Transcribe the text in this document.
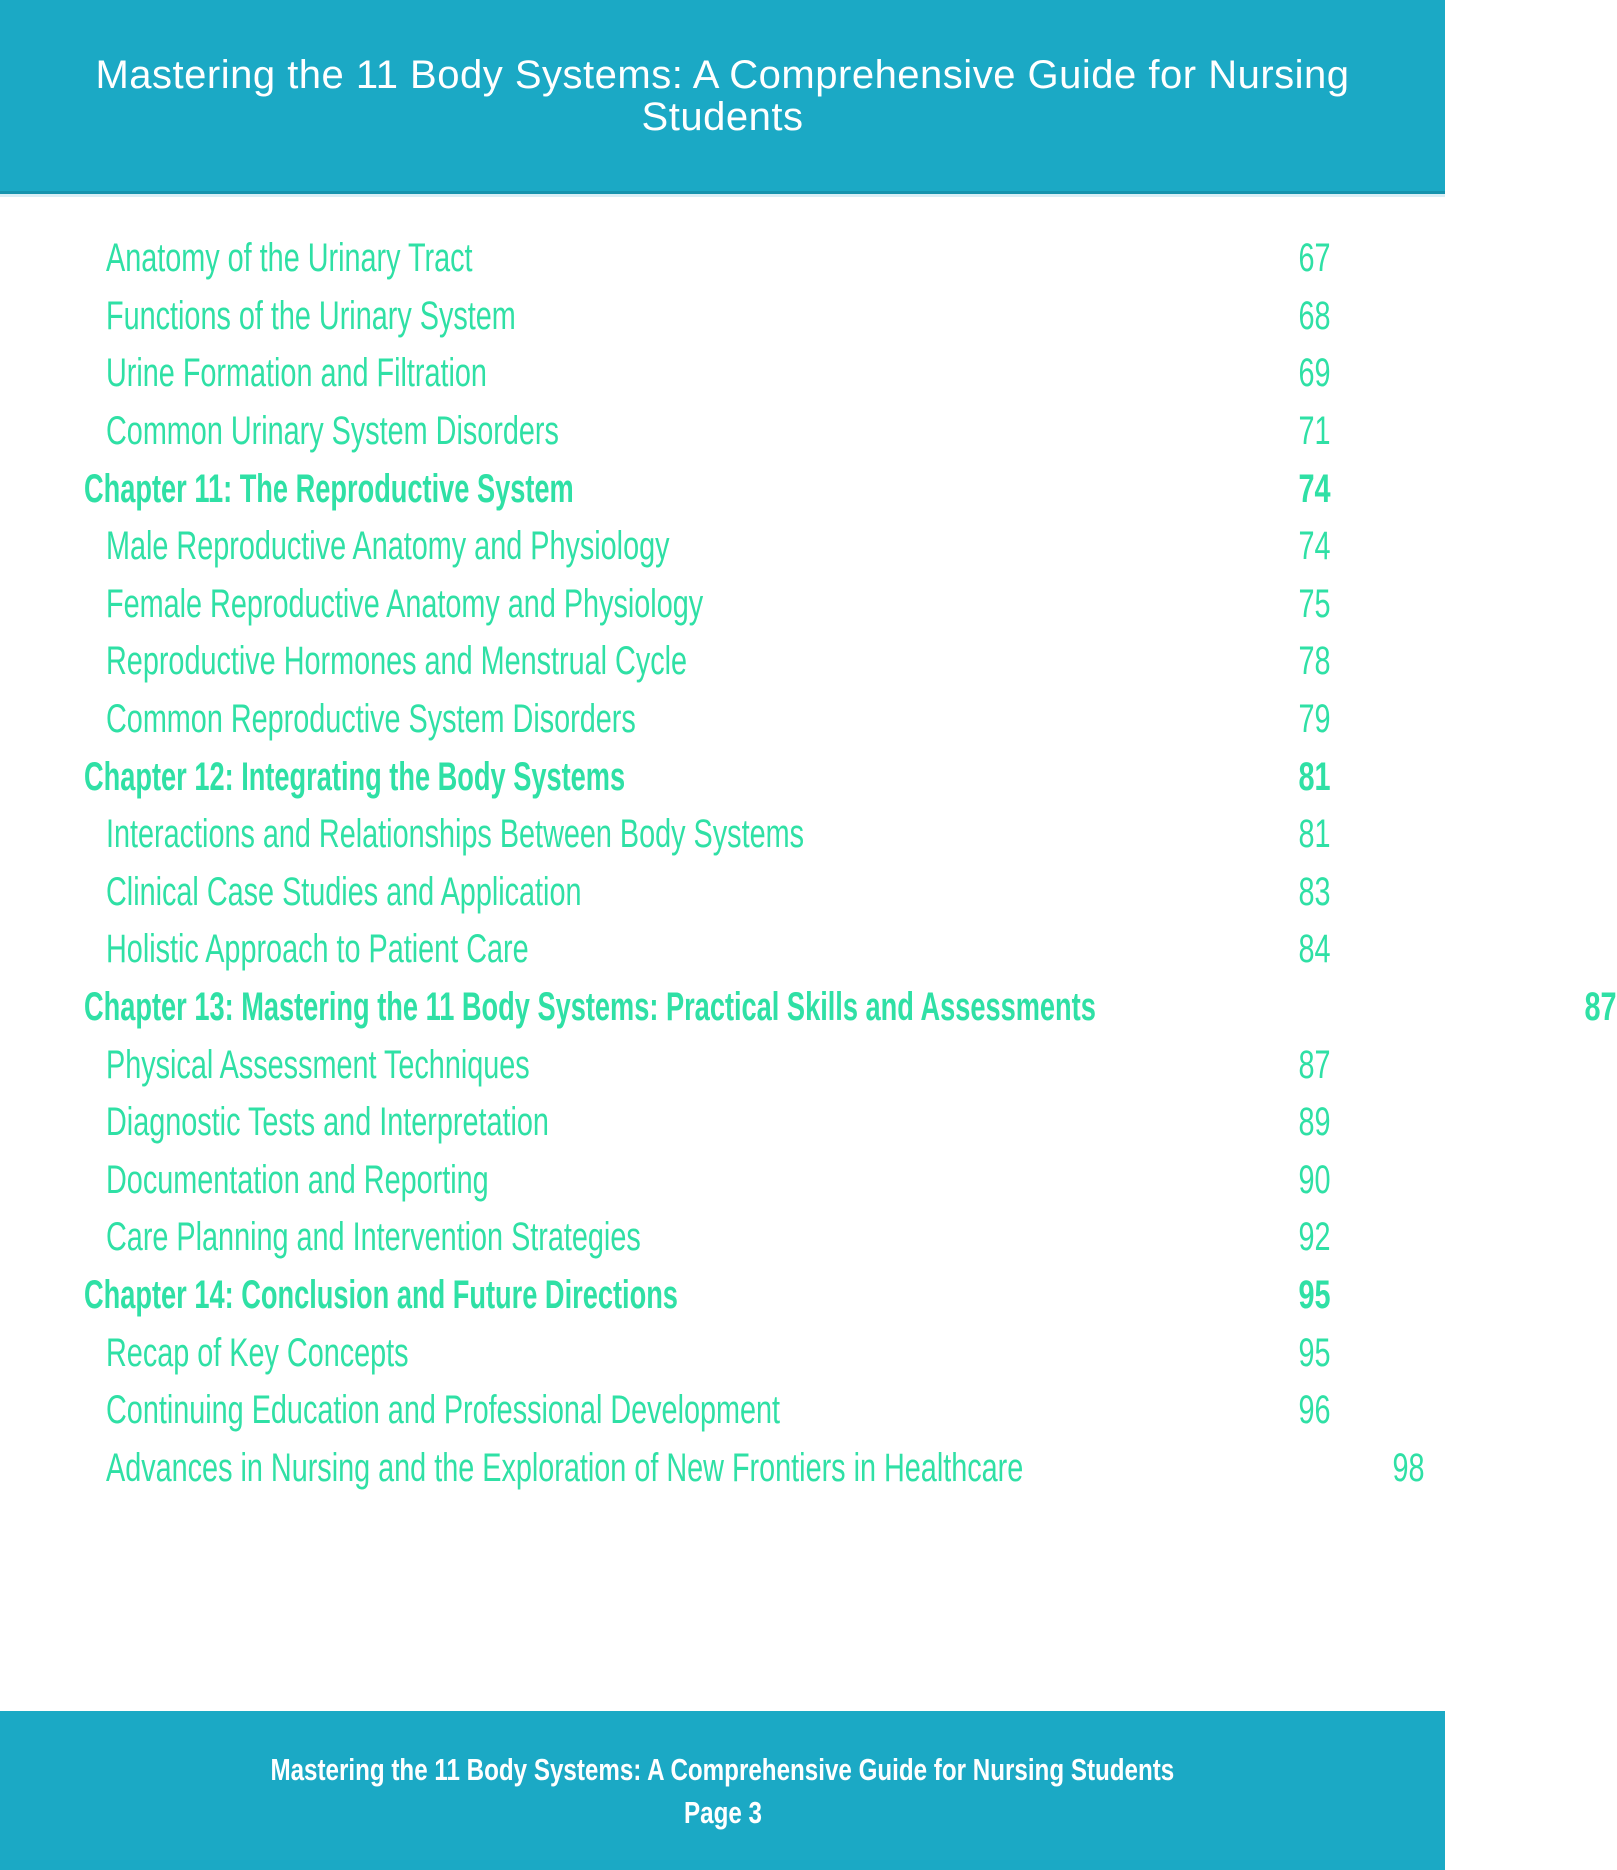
Mastering the 11 Body Systems: A Comprehensive Guide for Nursing Students
Anatomy of the Urinary Tract	67
Functions of the Urinary System	68
Urine Formation and Filtration	69
Common Urinary System Disorders	71
Chapter 11: The Reproductive System	74
Male Reproductive Anatomy and Physiology	74
Female Reproductive Anatomy and Physiology	75
Reproductive Hormones and Menstrual Cycle	78
Common Reproductive System Disorders	79
Chapter 12: Integrating the Body Systems	81
Interactions and Relationships Between Body Systems	81
Clinical Case Studies and Application	83
Holistic Approach to Patient Care	84
Chapter 13: Mastering the 11 Body Systems: Practical Skills and Assessments	87
Physical Assessment Techniques	87
Diagnostic Tests and Interpretation	89
Documentation and Reporting	90
Care Planning and Intervention Strategies	92
Chapter 14: Conclusion and Future Directions	95
Recap of Key Concepts	95
Continuing Education and Professional Development	96
Advances in Nursing and the Exploration of New Frontiers in Healthcare	98
Mastering the 11 Body Systems: A Comprehensive Guide for Nursing Students
Page 3
